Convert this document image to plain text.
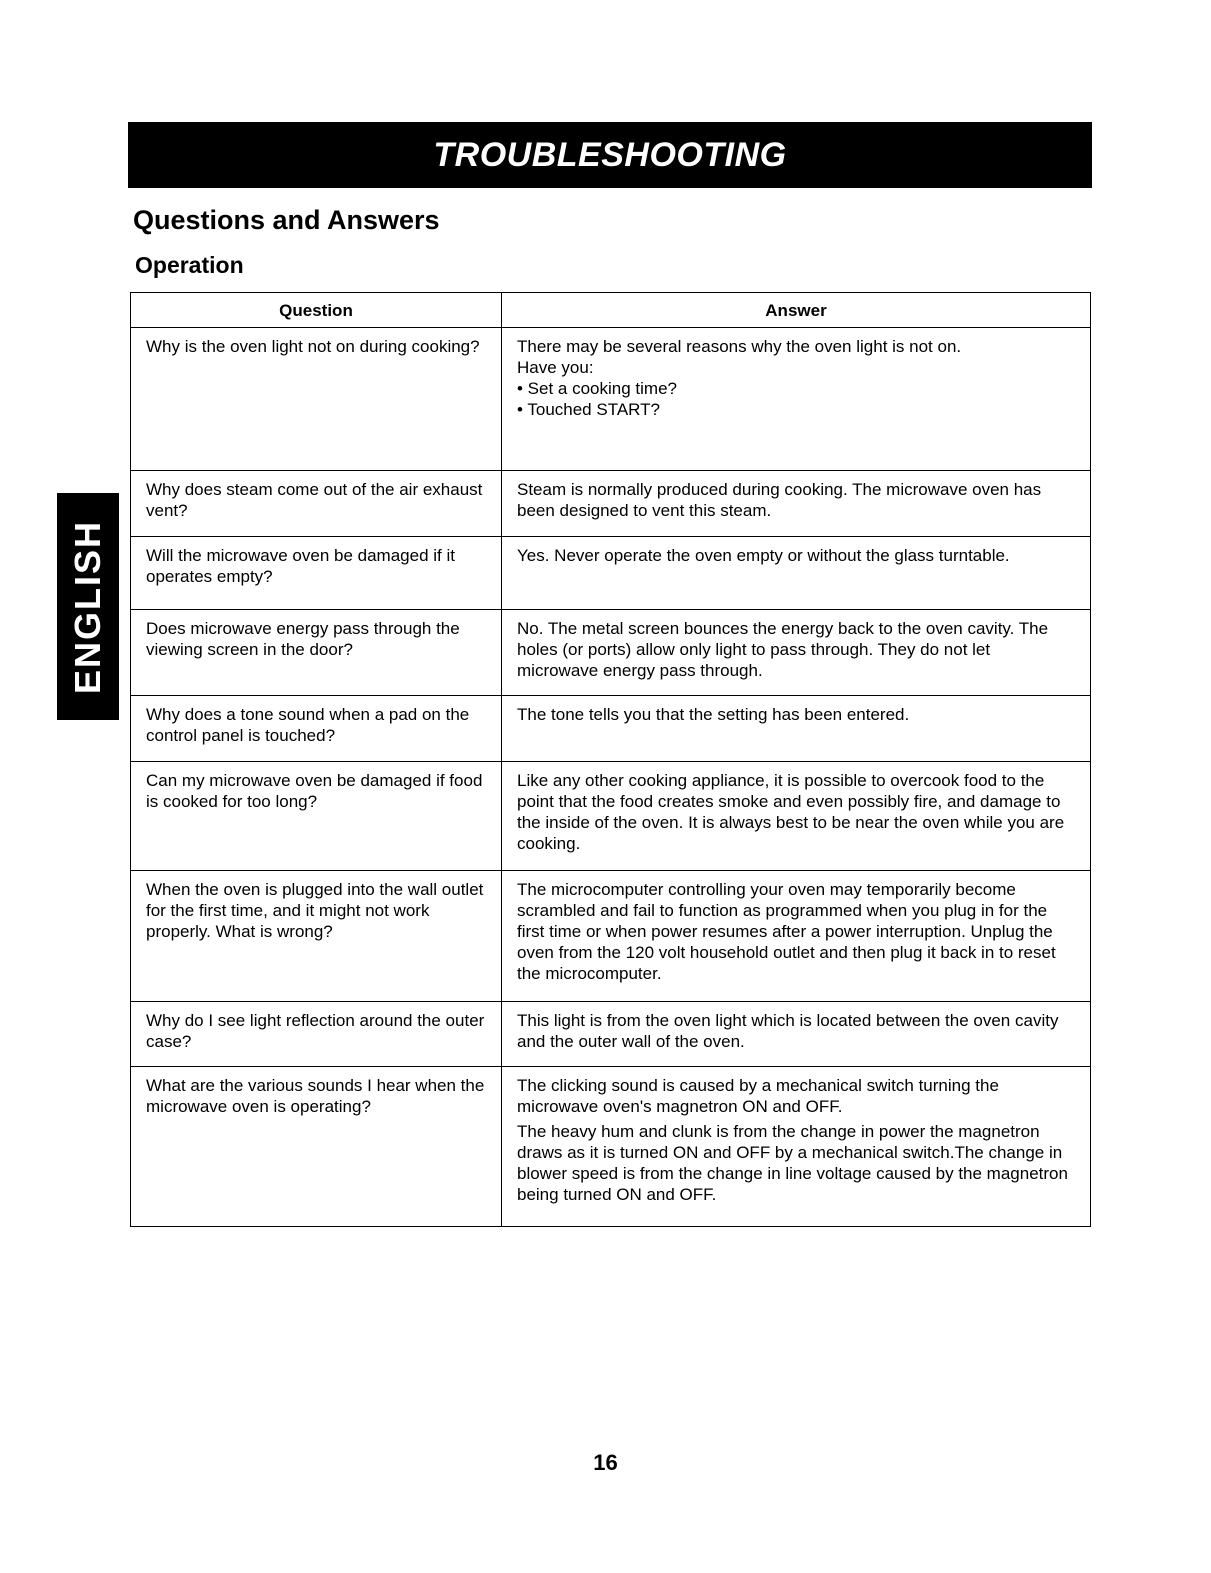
TROUBLESHOOTING
Questions and Answers
Operation
ENGLISH
Question	Answer
Why is the oven light not on during cooking?	There may be several reasons why the oven light is not on.
Have you:
• Set a cooking time?
• Touched START?

Why does steam come out of the air exhaust vent?	Steam is normally produced during cooking. The microwave oven has been designed to vent this steam.

Will the microwave oven be damaged if it operates empty?	Yes. Never operate the oven empty or without the glass turntable.

Does microwave energy pass through the viewing screen in the door?	No. The metal screen bounces the energy back to the oven cavity. The holes (or ports) allow only light to pass through. They do not let microwave energy pass through.

Why does a tone sound when a pad on the control panel is touched?	The tone tells you that the setting has been entered.

Can my microwave oven be damaged if food is cooked for too long?	Like any other cooking appliance, it is possible to overcook food to the point that the food creates smoke and even possibly fire, and damage to the inside of the oven. It is always best to be near the oven while you are cooking.

When the oven is plugged into the wall outlet for the first time, and it might not work properly. What is wrong?	The microcomputer controlling your oven may temporarily become scrambled and fail to function as programmed when you plug in for the first time or when power resumes after a power interruption. Unplug the oven from the 120 volt household outlet and then plug it back in to reset the microcomputer.

Why do I see light reflection around the outer case?	This light is from the oven light which is located between the oven cavity and the outer wall of the oven.

What are the various sounds I hear when the microwave oven is operating?	The clicking sound is caused by a mechanical switch turning the microwave oven's magnetron ON and OFF.
The heavy hum and clunk is from the change in power the magnetron draws as it is turned ON and OFF by a mechanical switch.The change in blower speed is from the change in line voltage caused by the magnetron being turned ON and OFF.
16
